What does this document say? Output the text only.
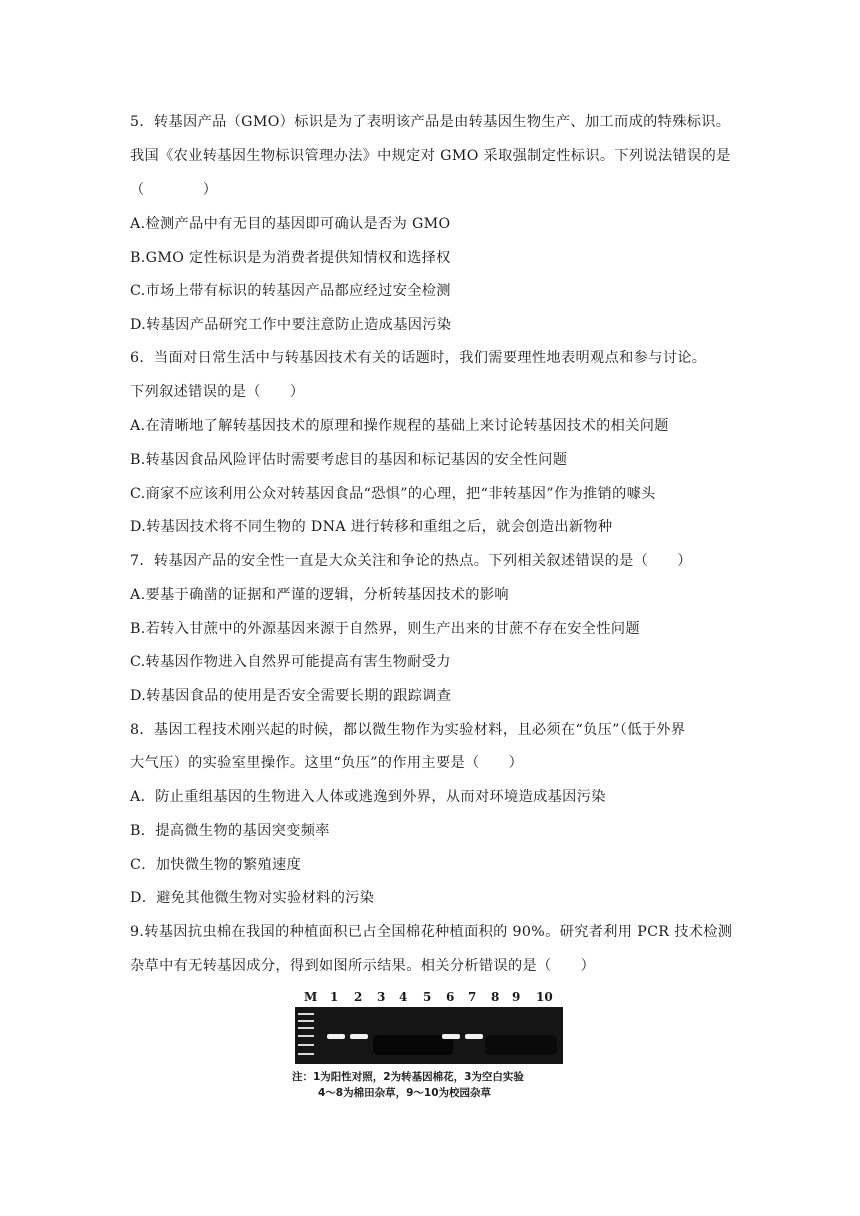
5．转基因产品（GMO）标识是为了表明该产品是由转基因生物生产、加工而成的特殊标识。
我国《农业转基因生物标识管理办法》中规定对 GMO 采取强制定性标识。下列说法错误的是
（　　　　）
A.检测产品中有无目的基因即可确认是否为 GMO
B.GMO 定性标识是为消费者提供知情权和选择权
C.市场上带有标识的转基因产品都应经过安全检测
D.转基因产品研究工作中要注意防止造成基因污染
6．当面对日常生活中与转基因技术有关的话题时，我们需要理性地表明观点和参与讨论。
下列叙述错误的是（　　）
A.在清晰地了解转基因技术的原理和操作规程的基础上来讨论转基因技术的相关问题
B.转基因食品风险评估时需要考虑目的基因和标记基因的安全性问题
C.商家不应该利用公众对转基因食品“恐惧”的心理，把“非转基因”作为推销的噱头
D.转基因技术将不同生物的 DNA 进行转移和重组之后，就会创造出新物种
7．转基因产品的安全性一直是大众关注和争论的热点。下列相关叙述错误的是（　　）
A.要基于确凿的证据和严谨的逻辑，分析转基因技术的影响
B.若转入甘蔗中的外源基因来源于自然界，则生产出来的甘蔗不存在安全性问题
C.转基因作物进入自然界可能提高有害生物耐受力
D.转基因食品的使用是否安全需要长期的跟踪调查
8．基因工程技术刚兴起的时候，都以微生物作为实验材料，且必须在“负压”（低于外界
大气压）的实验室里操作。这里“负压”的作用主要是（　　）
A．防止重组基因的生物进入人体或逃逸到外界，从而对环境造成基因污染
B．提高微生物的基因突变频率
C．加快微生物的繁殖速度
D．避免其他微生物对实验材料的污染
9.转基因抗虫棉在我国的种植面积已占全国棉花种植面积的 90%。研究者利用 PCR 技术检测
杂草中有无转基因成分，得到如图所示结果。相关分析错误的是（　　）
M 1 2 3 4 5 6 7 8 9 10
注：1为阳性对照，2为转基因棉花，3为空白实验
4～8为棉田杂草，9～10为校园杂草
